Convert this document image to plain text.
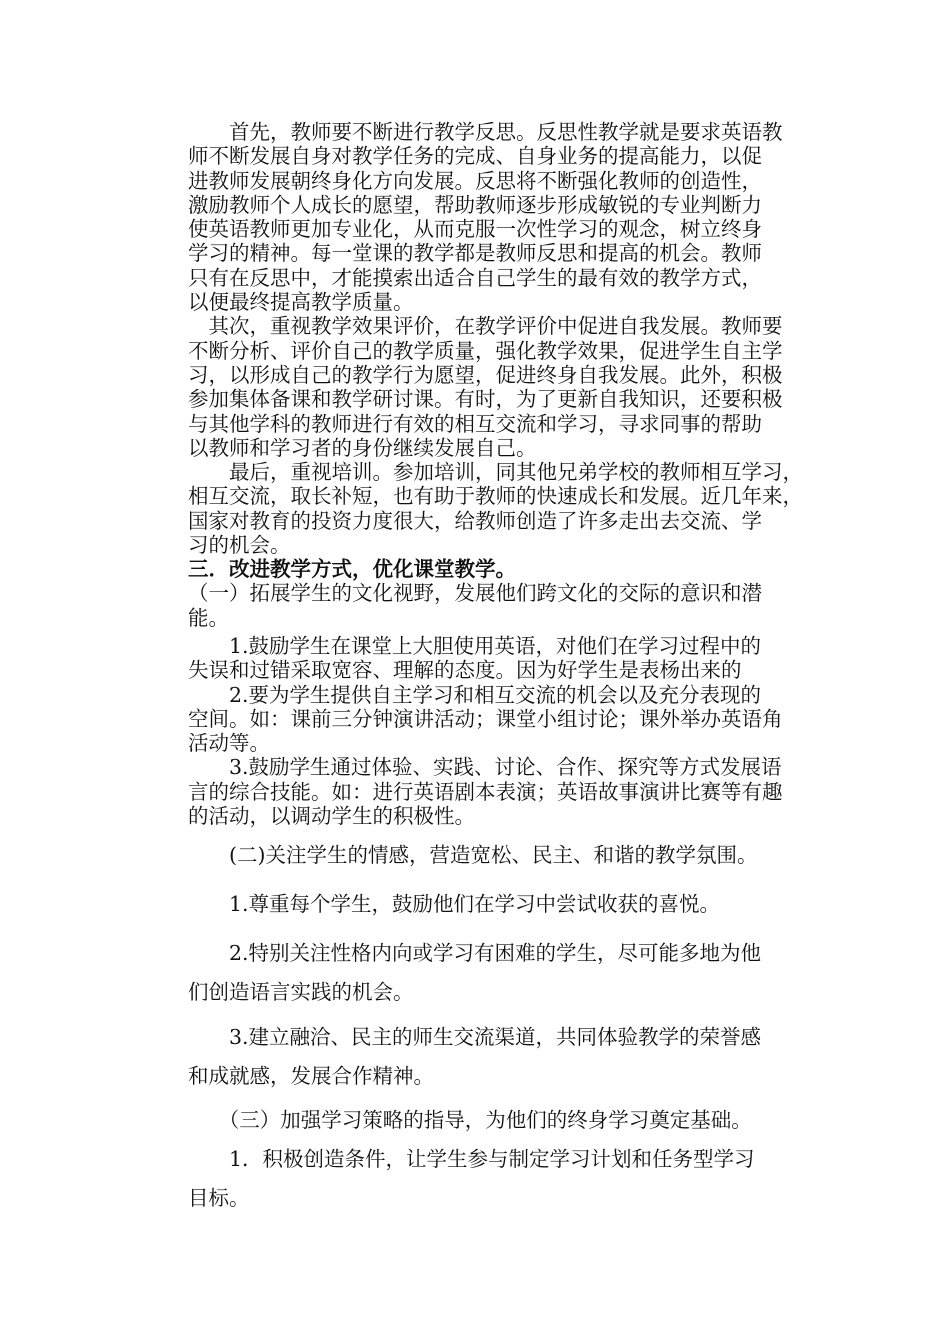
　　首先，教师要不断进行教学反思。反思性教学就是要求英语教
师不断发展自身对教学任务的完成、自身业务的提高能力，以促
进教师发展朝终身化方向发展。反思将不断强化教师的创造性，
激励教师个人成长的愿望，帮助教师逐步形成敏锐的专业判断力
使英语教师更加专业化，从而克服一次性学习的观念，树立终身
学习的精神。每一堂课的教学都是教师反思和提高的机会。教师
只有在反思中，才能摸索出适合自己学生的最有效的教学方式，
以便最终提高教学质量。

　其次，重视教学效果评价，在教学评价中促进自我发展。教师要
不断分析、评价自己的教学质量，强化教学效果，促进学生自主学
习，以形成自己的教学行为愿望，促进终身自我发展。此外，积极
参加集体备课和教学研讨课。有时，为了更新自我知识，还要积极
与其他学科的教师进行有效的相互交流和学习，寻求同事的帮助
以教师和学习者的身份继续发展自己。

　　最后，重视培训。参加培训，同其他兄弟学校的教师相互学习，
相互交流，取长补短，也有助于教师的快速成长和发展。近几年来，
国家对教育的投资力度很大，给教师创造了许多走出去交流、学
习的机会。

三．改进教学方式，优化课堂教学。

（一）拓展学生的文化视野，发展他们跨文化的交际的意识和潜
能。

　　1.鼓励学生在课堂上大胆使用英语，对他们在学习过程中的
失误和过错采取宽容、理解的态度。因为好学生是表杨出来的

　　2.要为学生提供自主学习和相互交流的机会以及充分表现的
空间。如：课前三分钟演讲活动；课堂小组讨论；课外举办英语角
活动等。

　　3.鼓励学生通过体验、实践、讨论、合作、探究等方式发展语
言的综合技能。如：进行英语剧本表演；英语故事演讲比赛等有趣
的活动，以调动学生的积极性。

　　(二)关注学生的情感，营造宽松、民主、和谐的教学氛围。

　　1.尊重每个学生，鼓励他们在学习中尝试收获的喜悦。

　　2.特别关注性格内向或学习有困难的学生，尽可能多地为他
们创造语言实践的机会。

　　3.建立融洽、民主的师生交流渠道，共同体验教学的荣誉感
和成就感，发展合作精神。

　　（三）加强学习策略的指导，为他们的终身学习奠定基础。

　　1．积极创造条件，让学生参与制定学习计划和任务型学习
目标。
